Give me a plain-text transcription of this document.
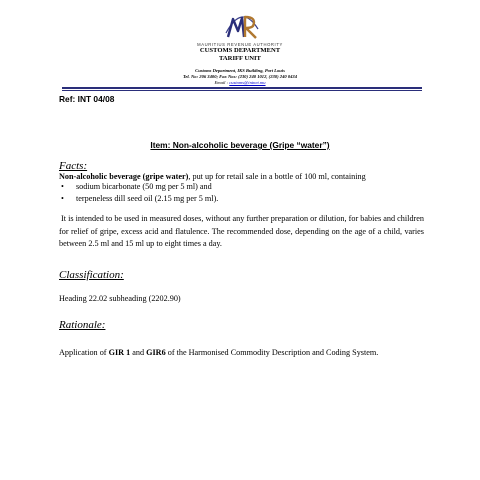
MAURITIUS REVENUE AUTHORITY
CUSTOMS DEPARTMENT
TARIFF UNIT
Customs Department, IKS Building, Port Louis
Tel. No: 206 3400; Fax Nos: (230) 240 1012, (230) 240 0434
Email : customs@intnet.mu
Ref: INT 04/08
Item: Non-alcoholic beverage (Gripe “water”)
Facts:
Non-alcoholic beverage (gripe water), put up for retail sale in a bottle of 100 ml, containing
• sodium bicarbonate (50 mg per 5 ml) and
• terpeneless dill seed oil (2.15 mg per 5 ml).
It is intended to be used in measured doses, without any further preparation or dilution, for babies and children for relief of gripe, excess acid and flatulence. The recommended dose, depending on the age of a child, varies between 2.5 ml and 15 ml up to eight times a day.
Classification:
Heading 22.02 subheading (2202.90)
Rationale:
Application of GIR 1 and GIR6 of the Harmonised Commodity Description and Coding System.
